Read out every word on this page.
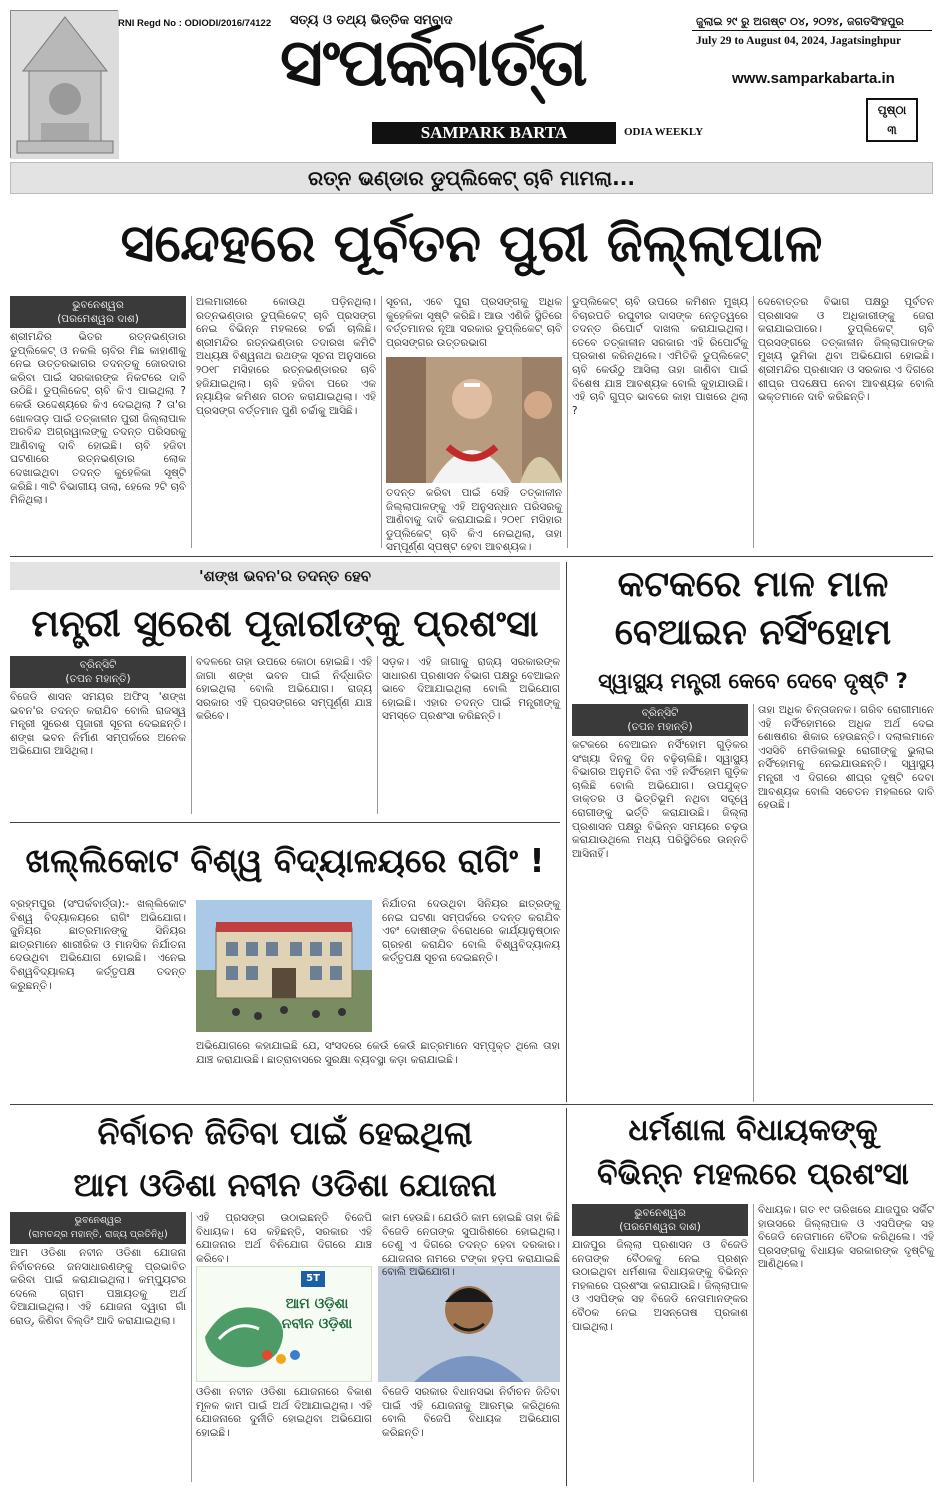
RNI Regd No : ODIODI/2016/74122 ସତ୍ୟ ଓ ତଥ୍ୟ ଭିତ୍ତିକ ସମ୍ବାଦ
ସଂପର୍କବାର୍ତ୍ତା
SAMPARK BARTA	ODIA WEEKLY
ଜୁଲାଇ ୨୯ ରୁ ଅଗଷ୍ଟ ୦୪, ୨୦୨୪, ଜଗତସିଂହପୁର
July 29 to August 04, 2024, Jagatsinghpur
www.samparkabarta.in
ପୃଷ୍ଠା
୩
ରତ୍ନ ଭଣ୍ଡାର ଡୁପ୍ଲିକେଟ୍ ଚାବି ମାମଲା...
ସନ୍ଦେହରେ ପୂର୍ବତନ ପୁରୀ ଜିଲ୍ଲାପାଳ
ଭୁବନେଶ୍ୱର
(ପରମେଶ୍ୱର ଦାଶ)
ଶ୍ରୀମନ୍ଦିର ଭିତର ରତ୍ନଭଣ୍ଡାର ଡୁପ୍ଲିକେଟ୍ ଓ ନକଲି ଚାବିର ମିଛ କାହାଣୀକୁ ନେଇ ଉତ୍ତରଭାଗର ତଦନ୍ତକୁ ଜୋରଦାର କରିବା ପାଇଁ ସରକାରଙ୍କ ନିକଟରେ ଦାବି ଉଠିଛି। ଡୁପ୍ଲିକେଟ୍ ଚାବି କିଏ ପାଇଥିଲା ? କେଉଁ ଉଦ୍ଦେଶ୍ୟରେ କିଏ ଦେଇଥିଲା ? ତା'ର ଖୋଳତାଡ଼ ପାଇଁ ତତ୍କାଳୀନ ପୁରୀ ଜିଲ୍ଲାପାଳ ଅରବିନ୍ଦ ଅଗ୍ରୱାଲଙ୍କୁ ତଦନ୍ତ ପରିସରକୁ ଆଣିବାକୁ ଦାବି ହୋଇଛି। ଚାବି ହଜିବା ଘଟଣାରେ ରତ୍ନଭଣ୍ଡାର ଲୋକ ଦେଖାଇଥିବା ତଦନ୍ତ କୁହେଳିକା ସୃଷ୍ଟି କରିଛି। ୩ଟି ବିଭାଗୀୟ ତାଲା, ହେଲେ ୨ଟି ଚାବି ମିଳିଥିଲା।
ଅଲମାରୀରେ କୋଉଥି ପଡ଼ିନଥିଲା। ରତ୍ନଭଣ୍ଡାର ଡୁପ୍ଲିକେଟ୍ ଚାବି ପ୍ରସଙ୍ଗ ନେଇ ବିଭିନ୍ନ ମହଲରେ ଚର୍ଚ୍ଚା ଚାଲିଛି। ଶ୍ରୀମନ୍ଦିର ରତ୍ନଭଣ୍ଡାର ତଦାରଖ କମିଟି ଅଧ୍ୟକ୍ଷ ବିଶ୍ୱନାଥ ରଥଙ୍କ ସୂଚନା ଅନୁସାରେ ୨୦୧୮ ମସିହାରେ ରତ୍ନଭଣ୍ଡାରର ଚାବି ହଜିଯାଇଥିଲା। ଚାବି ହଜିବା ପରେ ଏକ ନ୍ୟାୟିକ କମିଶନ ଗଠନ କରାଯାଇଥିଲା। ଏହି ପ୍ରସଙ୍ଗ ବର୍ତ୍ତମାନ ପୁଣି ଚର୍ଚ୍ଚାକୁ ଆସିଛି।
ସୂଚନା, ଏବେ ପୁରା ପ୍ରସଙ୍ଗକୁ ଅଧିକ କୁହେଳିକା ସୃଷ୍ଟି କରିଛି। ଆଉ ଏଣିକି ସ୍ଥିତିରେ ବର୍ତ୍ତମାନର ନୂଆ ସରକାର ଡୁପ୍ଲିକେଟ୍ ଚାବି ପ୍ରସଙ୍ଗର ଉତ୍ତରଭାଗ
ତଦନ୍ତ କରିବା ପାଇଁ ସେହି ତତ୍କାଳୀନ ଜିଲ୍ଲାପାଳଙ୍କୁ ଏହି ଅନୁସନ୍ଧାନ ପରିସରକୁ ଆଣିବାକୁ ଦାବି କରାଯାଇଛି। ୨୦୧୮ ମସିହାର ଡୁପ୍ଲିକେଟ୍ ଚାବି କିଏ ନେଇଥିଲା, ତାହା ସମ୍ପୂର୍ଣ୍ଣ ସ୍ପଷ୍ଟ ହେବା ଆବଶ୍ୟକ।
ଡୁପ୍ଲିକେଟ୍ ଚାବି ଉପରେ କମିଶନ ମୁଖ୍ୟ ବିଚାରପତି ରଘୁବୀର ଦାସଙ୍କ ନେତୃତ୍ୱରେ ତଦନ୍ତ ରିପୋର୍ଟ ଦାଖଲ କରାଯାଇଥିଲା। ତେବେ ତତ୍କାଳୀନ ସରକାର ଏହି ରିପୋର୍ଟକୁ ପ୍ରକାଶ କରିନଥିଲେ। ଏମିତିକି ଡୁପ୍ଲିକେଟ୍ ଚାବି କେଉଁଠୁ ଆସିଲା ତାହା ଜାଣିବା ପାଇଁ ବିଶେଷ ଯାଞ୍ଚ ଆବଶ୍ୟକ ବୋଲି କୁହାଯାଉଛି। ଏହି ଚାବି ଗୁପ୍ତ ଭାବରେ କାହା ପାଖରେ ଥିଲା ?
ଦେବୋତ୍ତର ବିଭାଗ ପକ୍ଷରୁ ପୂର୍ବତନ ପ୍ରଶାସକ ଓ ଅଧିକାରୀଙ୍କୁ ଜେରା କରାଯାଇପାରେ। ଡୁପ୍ଲିକେଟ୍ ଚାବି ପ୍ରସଙ୍ଗରେ ତତ୍କାଳୀନ ଜିଲ୍ଲାପାଳଙ୍କ ମୁଖ୍ୟ ଭୂମିକା ଥିବା ଅଭିଯୋଗ ହୋଇଛି। ଶ୍ରୀମନ୍ଦିର ପ୍ରଶାସନ ଓ ସରକାର ଏ ଦିଗରେ ଶୀଘ୍ର ପଦକ୍ଷେପ ନେବା ଆବଶ୍ୟକ ବୋଲି ଭକ୍ତମାନେ ଦାବି କରିଛନ୍ତି।
'ଶଙ୍ଖ ଭବନ'ର ତଦନ୍ତ ହେବ
ମନ୍ତ୍ରୀ ସୁରେଶ ପୂଜାରୀଙ୍କୁ ପ୍ରଶଂସା
ବ୍ରିନ୍‌ସିଟି
(ତପନ ମହାନ୍ତି)
ବିଜେଡି ଶାସନ ସମୟର ଅଫିସ୍ 'ଶଙ୍ଖ ଭବନ'ର ତଦନ୍ତ କରାଯିବ ବୋଲି ରାଜସ୍ୱ ମନ୍ତ୍ରୀ ସୁରେଶ ପୂଜାରୀ ସୂଚନା ଦେଇଛନ୍ତି। ଶଙ୍ଖ ଭବନ ନିର୍ମାଣ ସମ୍ପର୍କରେ ଅନେକ ଅଭିଯୋଗ ଆସିଥିଲା।
ବଦଳରେ ତାହା ଉପରେ କୋଠା ହୋଇଛି। ଏହି ଜାଗା ଶଙ୍ଖ ଭବନ ପାଇଁ ନିର୍ଦ୍ଧାରିତ ହୋଇଥିଲା ବୋଲି ଅଭିଯୋଗ। ରାଜ୍ୟ ସରକାର ଏହି ପ୍ରସଙ୍ଗରେ ସମ୍ପୂର୍ଣ୍ଣ ଯାଞ୍ଚ କରିବେ।
ସଡ଼କ। ଏହି ଜାଗାକୁ ରାଜ୍ୟ ସରକାରଙ୍କ ସାଧାରଣ ପ୍ରଶାସନ ବିଭାଗ ପକ୍ଷରୁ ବେଆଇନ ଭାବେ ଦିଆଯାଇଥିଲା ବୋଲି ଅଭିଯୋଗ ହୋଇଛି। ଏହାର ତଦନ୍ତ ପାଇଁ ମନ୍ତ୍ରୀଙ୍କୁ ସମସ୍ତେ ପ୍ରଶଂସା କରିଛନ୍ତି।
କଟକରେ ମାଳ ମାଳ
ବେଆଇନ ନର୍ସିଂହୋମ
ସ୍ୱାସ୍ଥ୍ୟ ମନ୍ତ୍ରୀ କେବେ ଦେବେ ଦୃଷ୍ଟି ?
ବ୍ରିନ୍‌ସିଟି
(ତପନ ମହାନ୍ତି)
କଟକରେ ବେଆଇନ ନର୍ସିଂହୋମ ଗୁଡ଼ିକର ସଂଖ୍ୟା ଦିନକୁ ଦିନ ବଢ଼ିଚାଲିଛି। ସ୍ୱାସ୍ଥ୍ୟ ବିଭାଗର ଅନୁମତି ବିନା ଏହି ନର୍ସିଂହୋମ ଗୁଡ଼ିକ ଚାଲିଛି ବୋଲି ଅଭିଯୋଗ। ଉପଯୁକ୍ତ ଡାକ୍ତର ଓ ଭିତ୍ତିଭୂମି ନଥିବା ସତ୍ତ୍ୱେ ରୋଗୀଙ୍କୁ ଭର୍ତ୍ତି କରାଯାଉଛି। ଜିଲ୍ଲା ପ୍ରଶାସନ ପକ୍ଷରୁ ବିଭିନ୍ନ ସମୟରେ ଚଢ଼ଉ କରାଯାଉଥିଲେ ମଧ୍ୟ ପରିସ୍ଥିତିରେ ଉନ୍ନତି ଆସିନାହିଁ।
ତାହା ଅଧିକ ଚିନ୍ତାଜନକ। ଗରିବ ରୋଗୀମାନେ ଏହି ନର୍ସିଂହୋମରେ ଅଧିକ ଅର୍ଥ ଦେଇ ଶୋଷଣର ଶିକାର ହେଉଛନ୍ତି। ଦଲାଲମାନେ ଏସସିବି ମେଡିକାଲରୁ ରୋଗୀଙ୍କୁ ଭୁଲାଇ ନର୍ସିଂହୋମକୁ ନେଇଯାଉଛନ୍ତି। ସ୍ୱାସ୍ଥ୍ୟ ମନ୍ତ୍ରୀ ଏ ଦିଗରେ ଶୀଘ୍ର ଦୃଷ୍ଟି ଦେବା ଆବଶ୍ୟକ ବୋଲି ସଚେତନ ମହଲରେ ଦାବି ହେଉଛି।
ଖଲ୍ଲିକୋଟ ବିଶ୍ୱ ବିଦ୍ୟାଳୟରେ ରାଗିଂ !
ବ୍ରହ୍ମପୁର (ସଂପର୍କବାର୍ତ୍ତା):- ଖଲ୍ଲିକୋଟ ବିଶ୍ୱ ବିଦ୍ୟାଳୟରେ ରାଗିଂ ଅଭିଯୋଗ। ଜୁନିୟର ଛାତ୍ରମାନଙ୍କୁ ସିନିୟର ଛାତ୍ରମାନେ ଶାରୀରିକ ଓ ମାନସିକ ନିର୍ଯାତନା ଦେଉଥିବା ଅଭିଯୋଗ ହୋଇଛି। ଏନେଇ ବିଶ୍ୱବିଦ୍ୟାଳୟ କର୍ତ୍ତୃପକ୍ଷ ତଦନ୍ତ କରୁଛନ୍ତି।
ନିର୍ଯାତନା ଦେଉଥିବା ସିନିୟର ଛାତ୍ରଙ୍କୁ ନେଇ ଘଟଣା ସମ୍ପର୍କରେ ତଦନ୍ତ କରାଯିବ ଏବଂ ଦୋଷୀଙ୍କ ବିରୋଧରେ କାର୍ଯ୍ୟାନୁଷ୍ଠାନ ଗ୍ରହଣ କରାଯିବ ବୋଲି ବିଶ୍ୱବିଦ୍ୟାଳୟ କର୍ତ୍ତୃପକ୍ଷ ସୂଚନା ଦେଇଛନ୍ତି।
ଅଭିଯୋଗରେ କହାଯାଇଛି ଯେ, ସଂସଦରେ କେଉଁ କେଉଁ ଛାତ୍ରମାନେ ସମ୍ପୃକ୍ତ ଥିଲେ ତାହା ଯାଞ୍ଚ କରାଯାଉଛି। ଛାତ୍ରାବାସରେ ସୁରକ୍ଷା ବ୍ୟବସ୍ଥା କଡ଼ା କରାଯାଇଛି।
ନିର୍ବାଚନ ଜିତିବା ପାଇଁ ହେଇଥିଲା
ଆମ ଓଡିଶା ନବୀନ ଓଡିଶା ଯୋଜନା
ଭୁବନେଶ୍ୱର
(ରାମଚନ୍ଦ୍ର ମହାନ୍ତି, ରାଜ୍ୟ ପ୍ରତିନିଧି)
ଆମ ଓଡିଶା ନବୀନ ଓଡିଶା ଯୋଜନା ନିର୍ବାଚନରେ ଜନସାଧାରଣଙ୍କୁ ପ୍ରଭାବିତ କରିବା ପାଇଁ କରାଯାଇଥିଲା। କମ୍ପ୍ୟୁଟର ଦେଲେ ଗ୍ରାମ ପଞ୍ଚାୟତକୁ ଅର୍ଥ ଦିଆଯାଇଥିଲା। ଏହି ଯୋଜନା ଦ୍ୱାରା ଗାଁ ରୋଡ୍, କିଣିବା ବିଲ୍ଡିଂ ଆଦି କରାଯାଇଥିଲା।
ଏହି ପ୍ରସଙ୍ଗ ଉଠାଇଛନ୍ତି ବିଜେପି ବିଧାୟକ। ସେ କହିଛନ୍ତି, ସରକାର ଏହି ଯୋଜନାର ଅର୍ଥ ବିନିଯୋଗ ଦିଗରେ ଯାଞ୍ଚ କରିବେ।
5T
ଆମ ଓଡ଼ିଶା
ନବୀନ ଓଡ଼ିଶା
ଓଡିଶା ନବୀନ ଓଡିଶା ଯୋଜନାରେ ବିକାଶ ମୂଳକ କାମ ପାଇଁ ଅର୍ଥ ଦିଆଯାଇଥିଲା। ଏହି ଯୋଜନାରେ ଦୁର୍ନୀତି ହୋଇଥିବା ଅଭିଯୋଗ ହୋଇଛି।
କାମ ହେଉଛି। ଯେଉଁଠି କାମ ହୋଇଛି ତାହା କିଛି ବିଜେଡି ନେତାଙ୍କ ସୁପାରିଶରେ ହୋଇଥିଲା। ତେଣୁ ଏ ଦିଗରେ ତଦନ୍ତ ହେବା ଦରକାର। ଯୋଜନାର ନାମରେ ଟଙ୍କା ହଡ଼ପ କରାଯାଇଛି ବୋଲି ଅଭିଯୋଗ।
ବିଜେଡି ସରକାର ବିଧାନସଭା ନିର୍ବାଚନ ଜିତିବା ପାଇଁ ଏହି ଯୋଜନାକୁ ଆରମ୍ଭ କରିଥିଲେ ବୋଲି ବିଜେପି ବିଧାୟକ ଅଭିଯୋଗ କରିଛନ୍ତି।
ଧର୍ମଶାଳା ବିଧାୟକଙ୍କୁ
ବିଭିନ୍ନ ମହଲରେ ପ୍ରଶଂସା
ଭୁବନେଶ୍ୱର
(ପରମେଶ୍ୱର ଦାଶ)
ଯାଜପୁର ଜିଲ୍ଲା ପ୍ରଶାସନ ଓ ବିଜେଡି ନେତାଙ୍କ ବୈଠକକୁ ନେଇ ପ୍ରଶ୍ନ ଉଠାଇଥିବା ଧର୍ମଶାଳା ବିଧାୟକଙ୍କୁ ବିଭିନ୍ନ ମହଲରେ ପ୍ରଶଂସା କରାଯାଉଛି। ଜିଲ୍ଲାପାଳ ଓ ଏସପିଙ୍କ ସହ ବିଜେଡି ନେତାମାନଙ୍କର ବୈଠକ ନେଇ ଅସନ୍ତୋଷ ପ୍ରକାଶ ପାଇଥିଲା।
ବିଧାୟକ। ଗତ ୧୯ ତାରିଖରେ ଯାଜପୁର ସର୍କିଟ ହାଉସରେ ଜିଲ୍ଲାପାଳ ଓ ଏସପିଙ୍କ ସହ ବିଜେଡି ନେତାମାନେ ବୈଠକ କରିଥିଲେ। ଏହି ପ୍ରସଙ୍ଗକୁ ବିଧାୟକ ସରକାରଙ୍କ ଦୃଷ୍ଟିକୁ ଆଣିଥିଲେ।
